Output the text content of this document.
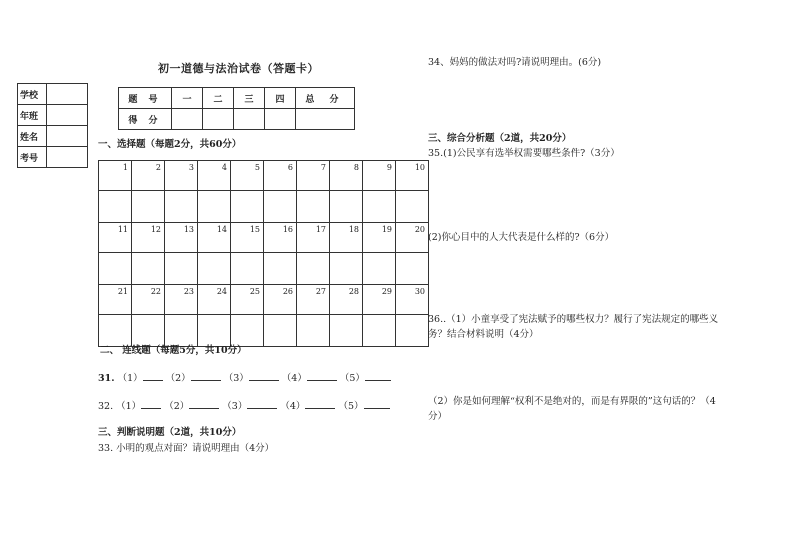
初一道德与法治试卷（答题卡）
学校	
年班	
姓名	
考号	
题 号	一	二	三	四	总 分
得 分					
一、选择题（每题2分，共60分）
1	2	3	4	5	6	7	8	9	10

11	12	13	14	15	16	17	18	19	20

21	22	23	24	25	26	27	28	29	30

二、 连线题（每题5分，共10分）
31. （1） （2）	（3）	（4）	（5）
32. （1） （2）	（3）	（4）	（5）
三、判断说明题（2道，共10分）
33. 小明的观点对面？请说明理由（4分）
34、妈妈的做法对吗?请说明理由。(6分)
三、综合分析题（2道，共20分）
35.(1)公民享有选举权需要哪些条件?（3分）
(2)你心目中的人大代表是什么样的?（6分）
36..（1）小童享受了宪法赋予的哪些权力？履行了宪法规定的哪些义
务？结合材料说明（4分）
（2）你是如何理解“权利不是绝对的，而是有界限的”这句话的？（4
分）
